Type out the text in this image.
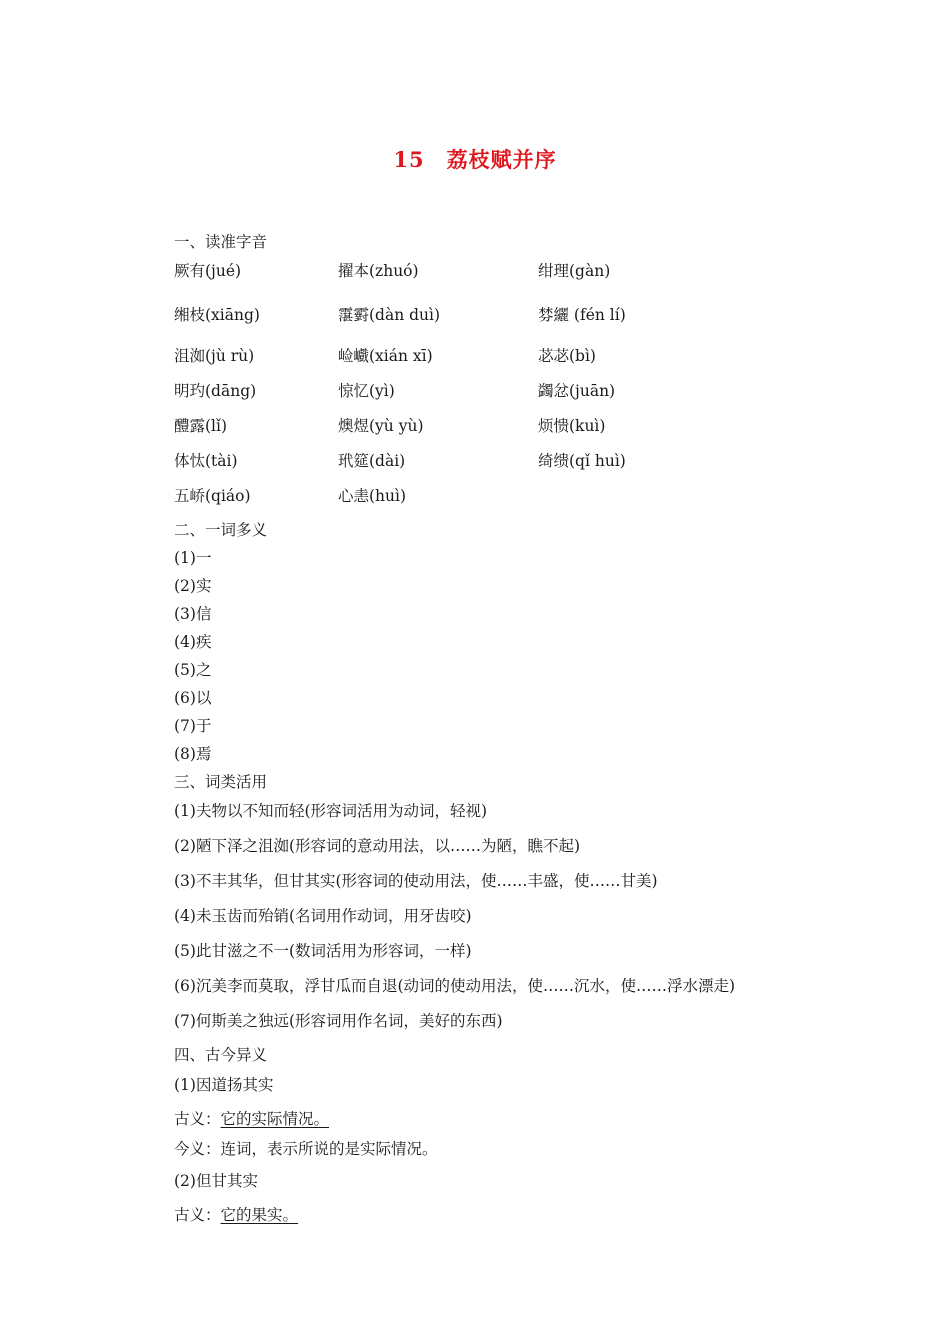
15 荔枝赋并序
一、读准字音
厥有(jué)	擢本(zhuó)	绀理(gàn)
缃枝(xiāng)	霮䨴(dàn duì)	棼纚 (fén lí)
沮洳(jù rù)	崄巇(xián xī)	苾苾(bì)
明玓(dāng)	惊忆(yì)	蠲忿(juān)
醴露(lǐ)	燠煜(yù yù)	烦愦(kuì)
体忲(tài)	玳筵(dài)	绮缋(qǐ huì)
五峤(qiáo)	心恚(huì)
二、一词多义
(1)一
(2)实
(3)信
(4)疾
(5)之
(6)以
(7)于
(8)焉
三、词类活用
(1)夫物以不知而轻(形容词活用为动词，轻视)
(2)陋下泽之沮洳(形容词的意动用法，以……为陋，瞧不起)
(3)不丰其华，但甘其实(形容词的使动用法，使……丰盛，使……甘美)
(4)未玉齿而殆销(名词用作动词，用牙齿咬)
(5)此甘滋之不一(数词活用为形容词，一样)
(6)沉美李而莫取，浮甘瓜而自退(动词的使动用法，使……沉水，使……浮水漂走)
(7)何斯美之独远(形容词用作名词，美好的东西)
四、古今异义
(1)因道扬其实
古义：它的实际情况。
今义：连词，表示所说的是实际情况。
(2)但甘其实
古义：它的果实。
